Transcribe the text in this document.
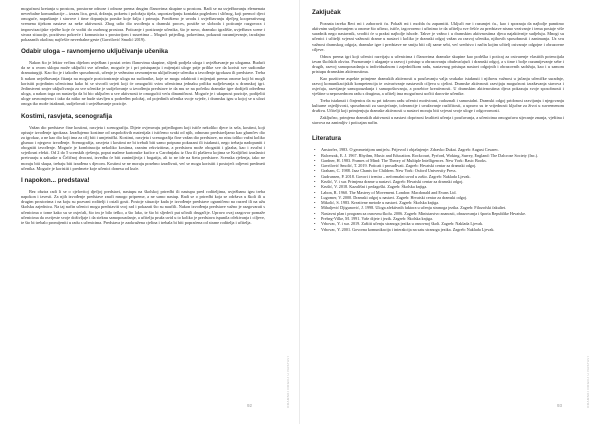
mogućnost kretanja u prostoru, prostorne odnose i odnose prema drugim članovima skupine u prostoru. Radi se na uvježbavanju elemenata neverbalne komunikacije – izrazu lica, gesti, držanju, pokretu i položaju tijela, uspostavljanju kontakta pogledom i sličnog, koji premoć djeci omoguće, napuštanje i stavove i time dopunjuju poruke koje šalju i primaju. Poništeno je uvodu i uvježbavanju dječjeg kooperativnog vremena tijekom nastave za neke aktivnosti. Zbog udio dio uvođenja u dramski proces, postiže se sloboda i poticanje razgovora i improvizacijske vježbe koje će voditi do osobnog prostora. Poticanje i postizanje učenika, što je novo, dramsko igralište, uvježbava scene i stvara situacije, pozitivno pokreće i komunicira s prostorijom i susretima – Mogući prijedlog, pokretima, pokazati razumijevanje, izražajno pokazanih okolina; najčešće neverbalne geste (Gavrilović Smolić 2019).

Odabir uloga – ravnomjerno uključivanje učenika

Nakon što je lektor večinu dijelom uvježban i postat ovim članovima skupine, slijedi podjela uloga i uvježbavanje po ulogama. Budući da se u ovom sklopu može uključiti sve učenike, moguće je i pri pristupanju i mijenjati uloge prije prilike sve da koristi sve sudionike dramaturgiji. Kao što je i također sposobnosti, učenje je vežnutno ravnomjerno uključivanje učenika u izvođenje igrokaza ili predstave. Treba li nakon uvježbavanja čitanja na moguće pozicioniranje uloga na sudionike, koje se mogu odabirati i mijenjati prema onome koji bi mogli koristiti pojedinim učenicima kako bi se stvorili uvjeti koji će omogućiti svim učenicima jednaku priliku sudjelovanja u dramskoj igri. Jedinstveni smjer uključivanja za sve učenike je sudjelovanje u izvođenju predstave te da mu se na početku dramske igre dodijeli određena uloga, a nakon toga on nastavlja da bi bio uključen u sve aktivnosti te omogućiti veću dinamičnost. Moguće je i ukupnost pozicije, podijeliti uloge ravnomjerno i tako da nitko ne bude stavljen u podređen položaj, od pojedinih učenika svoje svježe, i dramsku igru u kojoj se u ulozi onoga tko može istaknuti, sudjelovati i uvježbavanje pozicije.

Kostimi, rasvjeta, scenografija

Važan dio predstave čine kostimi, rasvjeta i scenografija. Dijete ovjeravaju prijedlogom koji ističe nekoliko djece iz sela, kostimi, koji opisuje izvođenje igrokaza. Izrađujemo kostime od raspoloživih materijala i ističemo svaki od njih, odnosno predstavljamo kao glumčev dio za igrokaz, a ne kao dio koji ima za cilj biti i umjetnički. Kostimi, rasvjeta i scenografija čine važan dio predstave, no nisu toliko važni koliko glumac i njegovo izvođenje. Scenografija, rasvjeta i kostimi ne bi trebali biti samo potpuno pokazani ili istaknuti, nego trebaju nadopuniti i obogatiti izvođenje. Moguće je kombinacija nekoliko kostima, raznim rekvizitima, a predstavu može obogatiti i glazba, kao i zvučni i svjetlosni efekti. Od 2 do 5 scenskih rješenja, poput malene kartonske kućice u Carobnjaku iz Oza ili plašteva kojima se Kraljičini izaslanici pretvaraju u zakuske u Čeličnoj dvorani, izvedba će biti zanimljivija i bogatija, ali to ne ide na štetu predstave. Scenska rješenja, iako ne moraju biti skupa, trebaju biti izrađena s djecom. Kostimi se ne moraju posebno izrađivati, već se mogu koristiti i postojeći odjevni predmeti učenika. Moguće je koristiti i predmete koje učenici donesu od kuće.

I napokon... predstava!

Bez obzira radi li se o cjelovitoj dječjoj predstavi, nastupu na školskoj priredbi ili nastupu pred roditeljima, uvježbanu igru treba napokon i izvesti. Za njih izvođenje predstave znači mnogo pripreme, a ne samo nastup. Radi se o priredbi koja se održava u školi ili u drugim prostorima i na koju su pozvani roditelji i ostali gosti. Postoje situacije kada je izvođenje predstave ograničeno na razred ili na užu školsku zajednicu. Na taj način učenici mogu predstaviti svoj rad i pokazati što su naučili. Nakon izvođenja predstave važno je razgovarati s učenicima o tome kako su se osjećali, što im je bilo teško, a što lako, te što bi sljedeći put učinili drugačije. Upravo ovaj razgovor pomaže učenicima da osvijeste svoje doživljaje i da steknu samopouzdanje, a učitelju pruža uvid u to koliko je predstava ispunila očekivanja i ciljeve, te što bi trebalo promijeniti u radu s učenicima. Predstava je zaokružena cjelina i trebala bi biti popraćena od strane roditelja i učitelja.

DRAMSKI ODGOJ U NASTAVI
92
Zaključak

Poznata izreka Reci mi i zaboravit ću. Pokaži mi i možda ću zapamtiti. Uključi me i razumjet ću., kao i spoznaja da najbolje pamtimo aktivnim sudjelovanjem u onome što učimo, ističe, izgovoreno i učinimo te da učitelju sve češće za predstave nismo vezivanje i tema postaje više suradnik nego nastavnik, svoditi će u praksi najbolje ishode. Takve je važno i u dramskim aktivnostima djeca najaktivnije sudjeluju. Mnogi su učenici i učitelji svjesni važnosti drame u nastavi i koliko je dramski odgoj važan za razvoj učenika, njihovih sposobnosti i zanimanja. Uz svu važnost dramskog odgoja, dramske igre i predstave ne smiju biti cilj same sebi, već sredstvo i način kojim učitelj ostvaruje odgojne i obrazovne ciljeve.

Odnos prema igri koji učenici razvijaju u učenicima i članovima dramske skupine kao podrška i poticaj za ostvarenje vlastitih potencijala izvan školskih okvira. Poznavanje i ulaganje u razvoj i pristup u obrazovanju obuhvaćajući i dramski odgoj, a s time i bolje razumijevanje sebe i drugih, razvoj samopouzdanja u individualnom i zajedničkom radu, sustavnog pristupa nastavi odgojnih i obrazovnih sadržaja, kao i u samom pristupu dramskim aktivnostima.

Kao pozitivne aspekte primjene dramskih aktivnosti u poučavanju valja svakako istaknuti i njihovu važnost u jačanju učeničke suradnje, razvoj komunikacijskih kompetencija te ostvarivanje nastavnih ciljeva u cjelini. Dramske aktivnosti razvijaju mogućnost izražavanja stavova i osjećaja, razvijanje samopouzdanja i samopoštovanja, a posebice kreativnosti. U dramskim aktivnostima djeca pokazuju svoje sposobnosti i vještine u neposrednom radu s drugima, a učitelj ima mogućnost uočiti darovite učenike.

Treba istaknuti i činjenicu da su pri takvom radu učenici motivirani, radoznali i samostalni. Dramski odgoj pridonosi razvijanju i njegovanju kulturne osjetljivosti, sposobnosti za suosjećanje, tolerancije i uvažavanje različitosti, a upravo su te vrijednosti ključne za život u suvremenom društvu. Učitelji koji primjenjuju dramske aktivnosti u nastavi moraju biti svjesni svoje uloge i odgovornosti.

Zaključno, primjena dramskih aktivnosti u nastavi doprinosi kvaliteti učenja i poučavanja, a učenicima omogućava stjecanje znanja, vještina i stavova na zanimljiv i poticajan način.

Literatura
• Anstorfer, 1983. O geometrijom umijeću. Prijevod i objašnjenje: Zdravko Dukat. Zagreb: August Cesarec.
• Balcerzak, E. J. 1967. Rhythm, Music and Education. Rockcourt, Pyrford, Woking, Surrey, England: The Dalcroze Society (Inc.).
• Gardner, H. 1983. Frames of Mind: The Theory of Multiple Intelligences. New York: Basic Books.
• Gavrilović Smolić, T. 2019. Poticati i prosuđivati. Zagreb: Hrvatski centar za dramski odgoj.
• Graham, C. 1988. Jazz Chants for Children. New York: Oxford University Press.
• Gudrunsen, P. 2018. Govori i trenira – neformalni uvod u zašto. Zagreb: Naklada Ljevak.
• Krušić, V. i sur. Primjena drame u nastavi. Zagreb: Hrvatski centar za dramski odgoj.
• Krušić, V. 2018. Kazališni i pedagoški. Zagreb: Školska knjiga.
• Labon, R. 1960. The Mastery of Movement. London: Macdonald and Evans Ltd.
• Lugomer, V. 2000. Dramski odgoj u nastavi. Zagreb: Hrvatski centar za dramski odgoj.
• Mikolić, S. 1983. Kreativne metode u nastavi. Zagreb: Školska knjiga.
• Mihaljević Djigunović, J. 1998. Uloga afektivnih faktora u učenju stranoga jezika. Zagreb: Filozofski fakultet.
• Nastavni plan i program za osnovnu školu. 2006. Zagreb: Ministarstvo znanosti, obrazovanja i športa Republike Hrvatske.
• Prebeg-Vilke, M. 1991. Vaše dijete i jezik. Zagreb: Školska knjiga.
• Vrhovac, Y. i sur. 2019. Zaštiti učenju stranoga jezika u osnovnoj školi. Zagreb: Naklada Ljevak.
• Vrhovac, Y. 2001. Govorna komunikacija i interakcija na satu stranoga jezika. Zagreb: Naklada Ljevak.
DRAMSKI ODGOJ U NASTAVI
93
